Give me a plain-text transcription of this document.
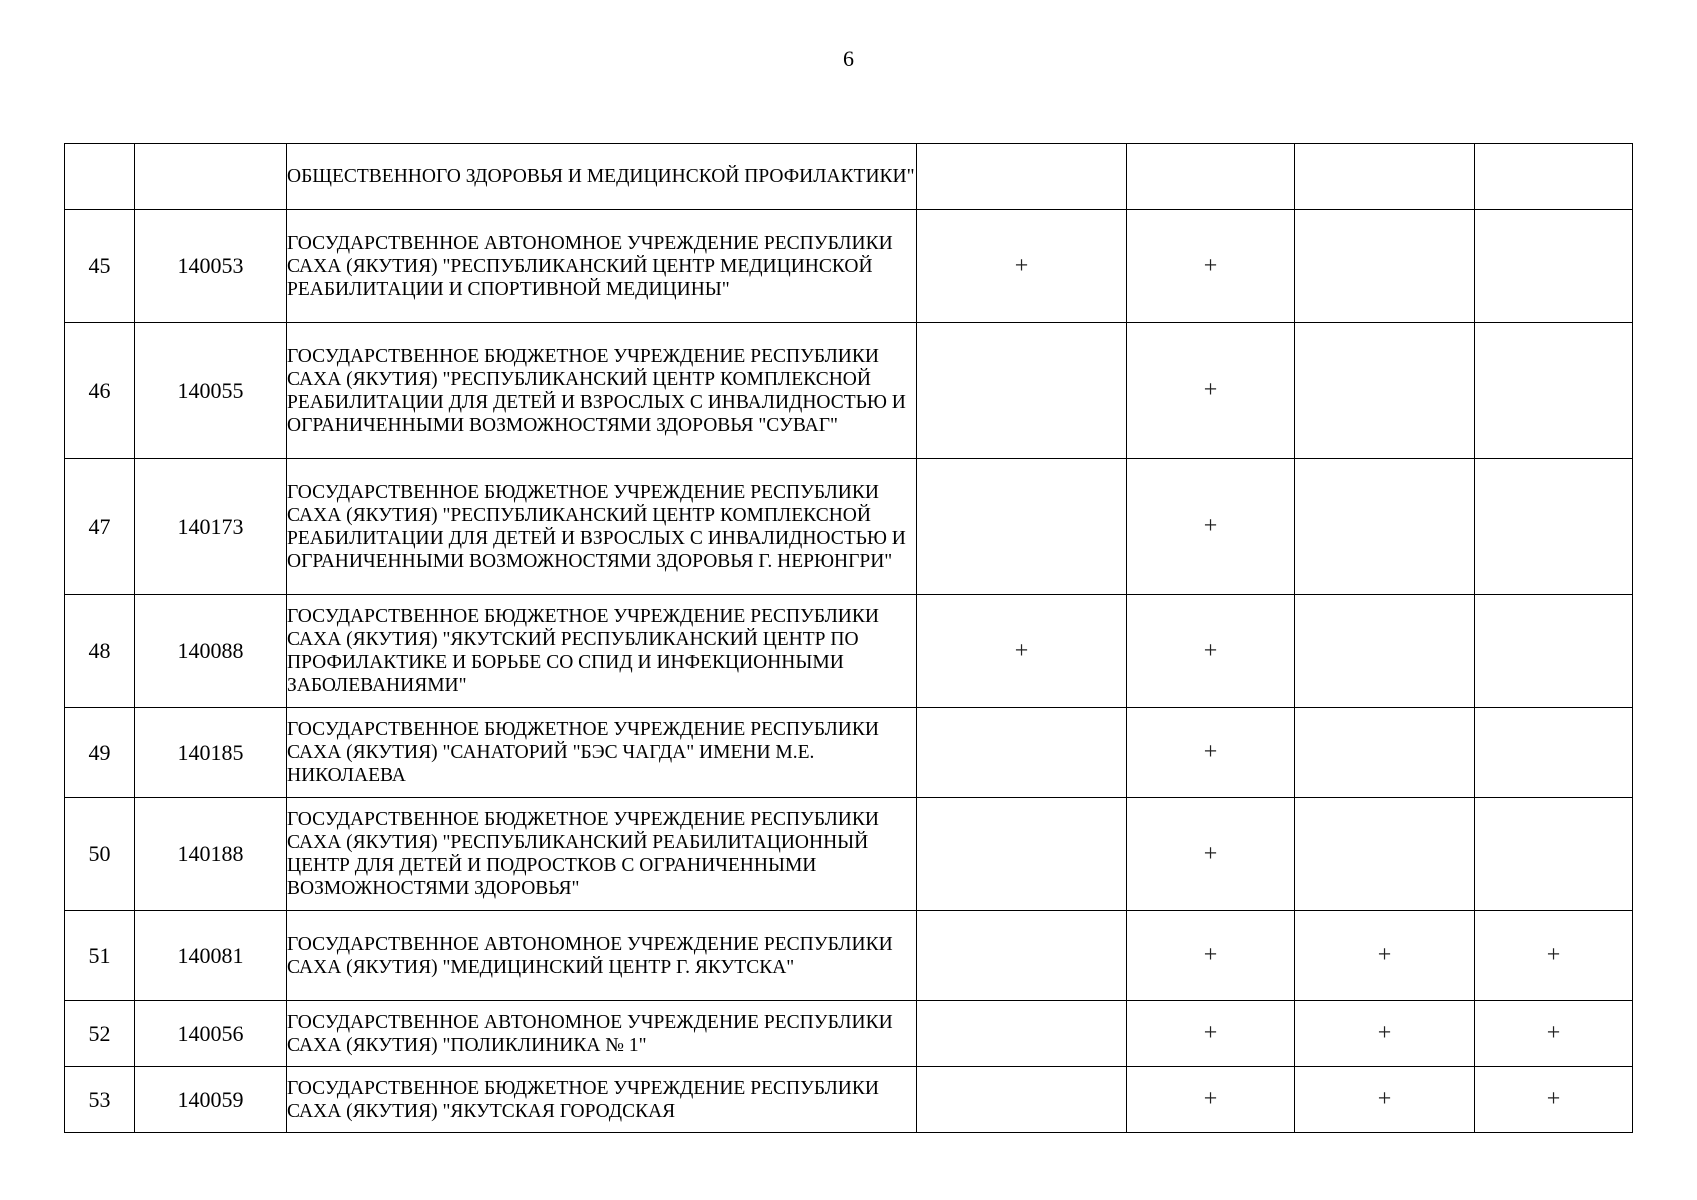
6
		ОБЩЕСТВЕННОГО ЗДОРОВЬЯ И МЕДИЦИНСКОЙ ПРОФИЛАКТИКИ"				
45	140053	ГОСУДАРСТВЕННОЕ АВТОНОМНОЕ УЧРЕЖДЕНИЕ РЕСПУБЛИКИ САХА (ЯКУТИЯ) "РЕСПУБЛИКАНСКИЙ ЦЕНТР МЕДИЦИНСКОЙ РЕАБИЛИТАЦИИ И СПОРТИВНОЙ МЕДИЦИНЫ"	+	+		
46	140055	ГОСУДАРСТВЕННОЕ БЮДЖЕТНОЕ УЧРЕЖДЕНИЕ РЕСПУБЛИКИ САХА (ЯКУТИЯ) "РЕСПУБЛИКАНСКИЙ ЦЕНТР КОМПЛЕКСНОЙ РЕАБИЛИТАЦИИ ДЛЯ ДЕТЕЙ И ВЗРОСЛЫХ С ИНВАЛИДНОСТЬЮ И ОГРАНИЧЕННЫМИ ВОЗМОЖНОСТЯМИ ЗДОРОВЬЯ "СУВАГ"		+		
47	140173	ГОСУДАРСТВЕННОЕ БЮДЖЕТНОЕ УЧРЕЖДЕНИЕ РЕСПУБЛИКИ САХА (ЯКУТИЯ) "РЕСПУБЛИКАНСКИЙ ЦЕНТР КОМПЛЕКСНОЙ РЕАБИЛИТАЦИИ ДЛЯ ДЕТЕЙ И ВЗРОСЛЫХ С ИНВАЛИДНОСТЬЮ И ОГРАНИЧЕННЫМИ ВОЗМОЖНОСТЯМИ ЗДОРОВЬЯ Г. НЕРЮНГРИ"		+		
48	140088	ГОСУДАРСТВЕННОЕ БЮДЖЕТНОЕ УЧРЕЖДЕНИЕ РЕСПУБЛИКИ САХА (ЯКУТИЯ) "ЯКУТСКИЙ РЕСПУБЛИКАНСКИЙ ЦЕНТР ПО ПРОФИЛАКТИКЕ И БОРЬБЕ СО СПИД И ИНФЕКЦИОННЫМИ ЗАБОЛЕВАНИЯМИ"	+	+		
49	140185	ГОСУДАРСТВЕННОЕ БЮДЖЕТНОЕ УЧРЕЖДЕНИЕ РЕСПУБЛИКИ САХА (ЯКУТИЯ) "САНАТОРИЙ "БЭС ЧАГДА" ИМЕНИ М.Е. НИКОЛАЕВА		+		
50	140188	ГОСУДАРСТВЕННОЕ БЮДЖЕТНОЕ УЧРЕЖДЕНИЕ РЕСПУБЛИКИ САХА (ЯКУТИЯ) "РЕСПУБЛИКАНСКИЙ РЕАБИЛИТАЦИОННЫЙ ЦЕНТР ДЛЯ ДЕТЕЙ И ПОДРОСТКОВ С ОГРАНИЧЕННЫМИ ВОЗМОЖНОСТЯМИ ЗДОРОВЬЯ"		+		
51	140081	ГОСУДАРСТВЕННОЕ АВТОНОМНОЕ УЧРЕЖДЕНИЕ РЕСПУБЛИКИ САХА (ЯКУТИЯ) "МЕДИЦИНСКИЙ ЦЕНТР Г. ЯКУТСКА"		+	+	+
52	140056	ГОСУДАРСТВЕННОЕ АВТОНОМНОЕ УЧРЕЖДЕНИЕ РЕСПУБЛИКИ САХА (ЯКУТИЯ) "ПОЛИКЛИНИКА № 1"		+	+	+
53	140059	ГОСУДАРСТВЕННОЕ БЮДЖЕТНОЕ УЧРЕЖДЕНИЕ РЕСПУБЛИКИ САХА (ЯКУТИЯ) "ЯКУТСКАЯ ГОРОДСКАЯ		+	+	+
